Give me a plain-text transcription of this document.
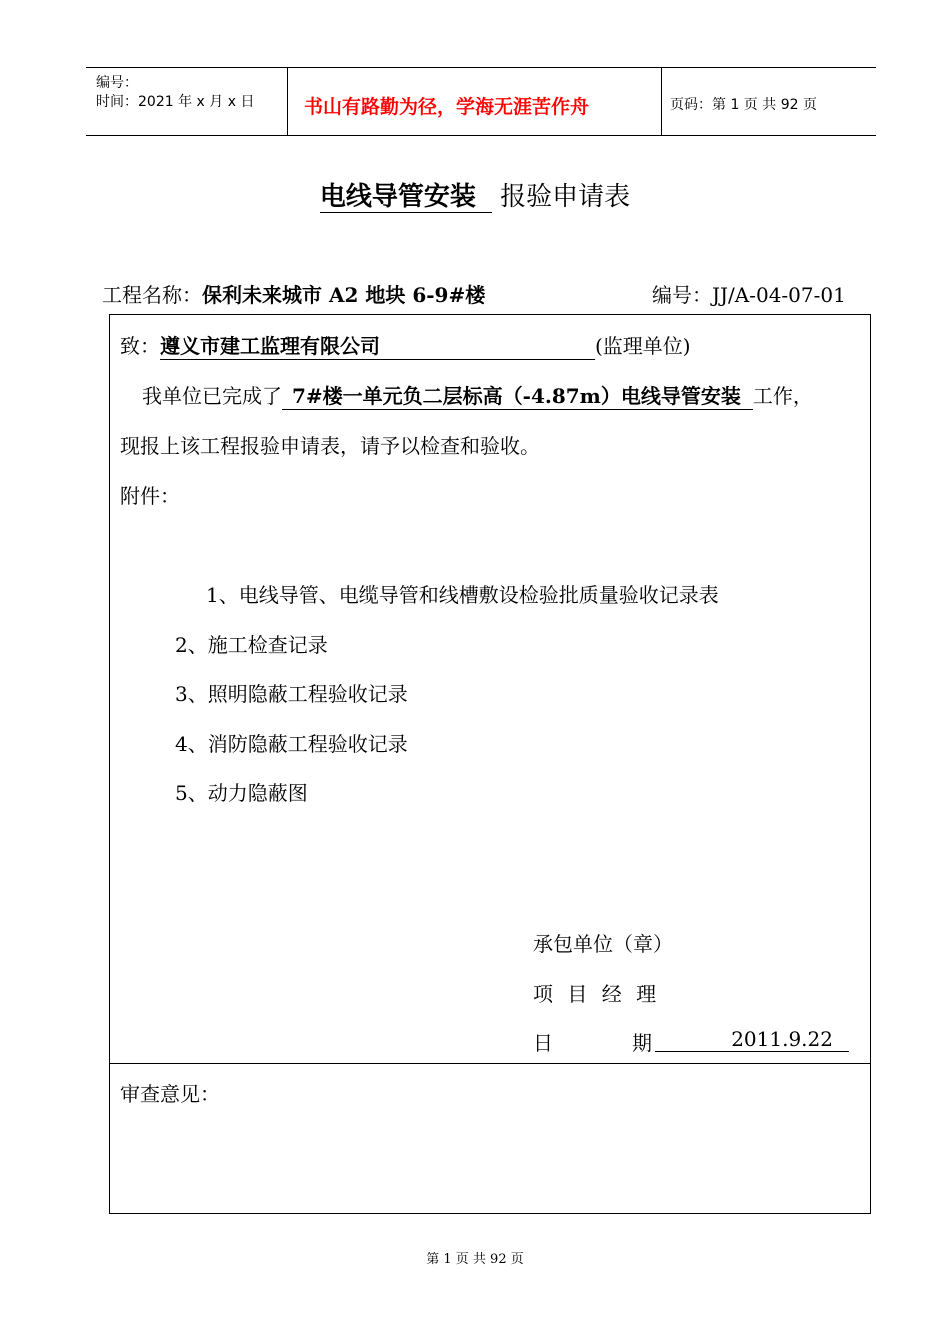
编号：
时间：2021 年 x 月 x 日	书山有路勤为径，学海无涯苦作舟	页码：第 1 页 共 92 页
电线导管安装 报验申请表
工程名称：保利未来城市 A2 地块 6-9#楼	编号：JJ/A-04-07-01
致：遵义市建工监理有限公司	(监理单位)
我单位已完成了 7#楼一单元负二层标高（-4.87m）电线导管安装 工作，
现报上该工程报验申请表，请予以检查和验收。
附件：
1、电线导管、电缆导管和线槽敷设检验批质量验收记录表
2、施工检查记录
3、照明隐蔽工程验收记录
4、消防隐蔽工程验收记录
5、动力隐蔽图
承包单位（章）
项 目 经 理
日	期	2011.9.22
审查意见：
第 1 页 共 92 页
